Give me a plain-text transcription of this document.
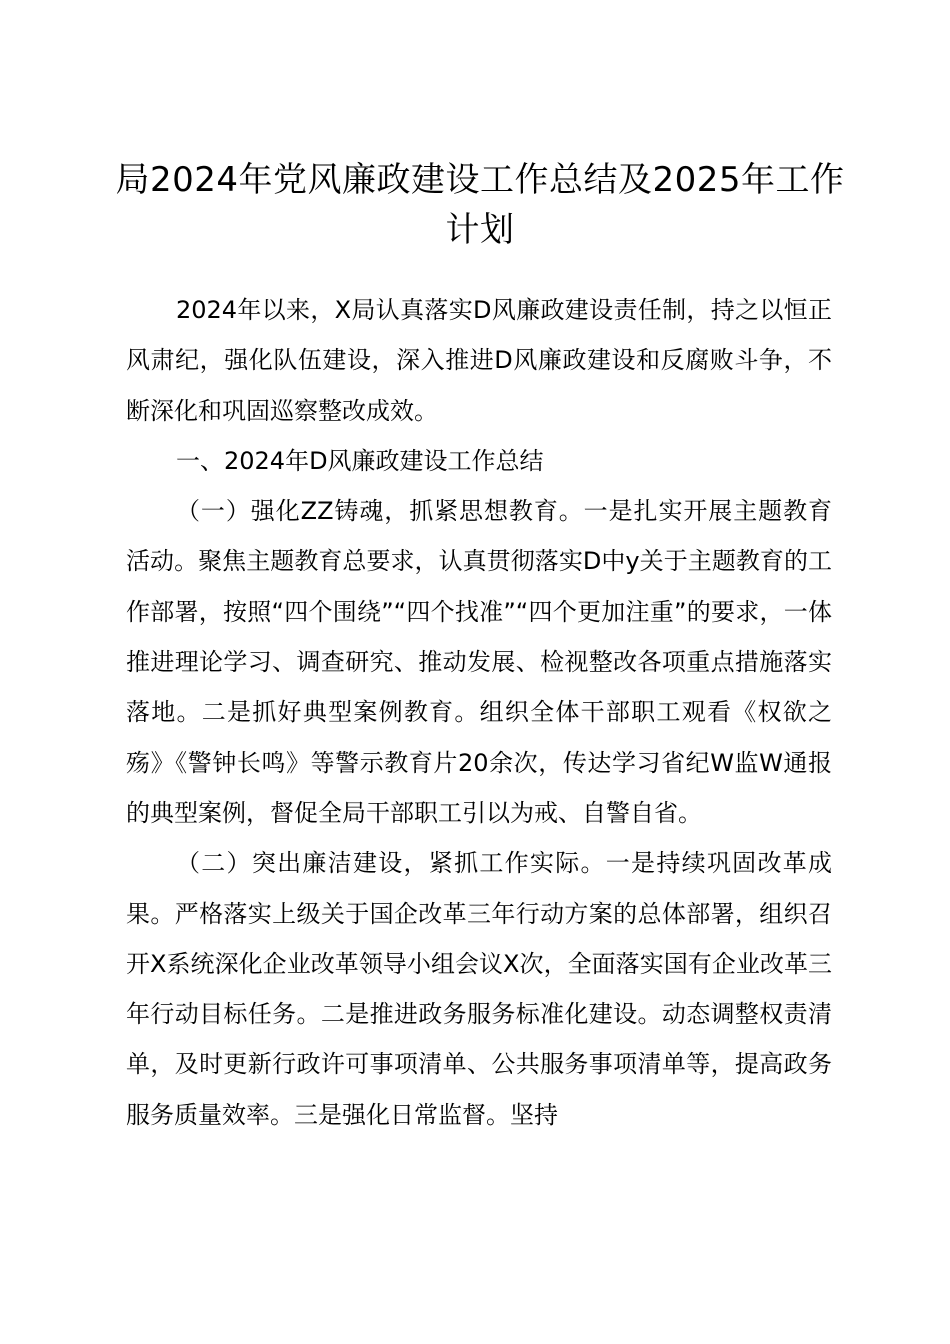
局2024年党风廉政建设工作总结及2025年工作计划

2024年以来，X局认真落实D风廉政建设责任制，持之以恒正风肃纪，强化队伍建设，深入推进D风廉政建设和反腐败斗争，不断深化和巩固巡察整改成效。

一、2024年D风廉政建设工作总结

（一）强化ZZ铸魂，抓紧思想教育。一是扎实开展主题教育活动。聚焦主题教育总要求，认真贯彻落实D中y关于主题教育的工作部署，按照“四个围绕”“四个找准”“四个更加注重”的要求，一体推进理论学习、调查研究、推动发展、检视整改各项重点措施落实落地。二是抓好典型案例教育。组织全体干部职工观看《权欲之殇》《警钟长鸣》等警示教育片20余次，传达学习省纪W监W通报的典型案例，督促全局干部职工引以为戒、自警自省。

（二）突出廉洁建设，紧抓工作实际。一是持续巩固改革成果。严格落实上级关于国企改革三年行动方案的总体部署，组织召开X系统深化企业改革领导小组会议X次，全面落实国有企业改革三年行动目标任务。二是推进政务服务标准化建设。动态调整权责清单，及时更新行政许可事项清单、公共服务事项清单等，提高政务服务质量效率。三是强化日常监督。坚持
